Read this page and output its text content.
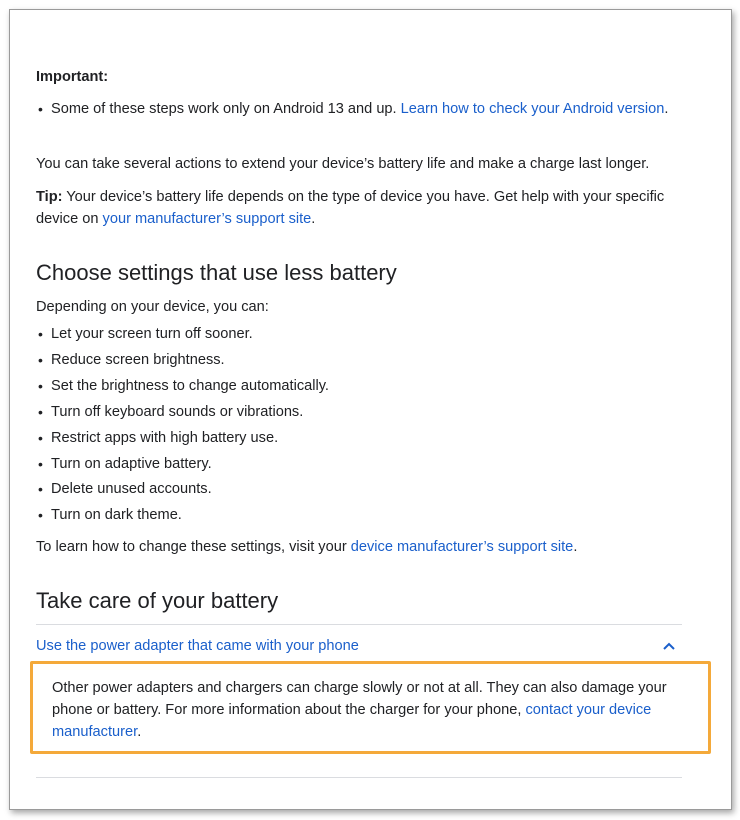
Important:
• Some of these steps work only on Android 13 and up. Learn how to check your Android version.

You can take several actions to extend your device’s battery life and make a charge last longer.

Tip: Your device’s battery life depends on the type of device you have. Get help with your specific device on your manufacturer’s support site.

Choose settings that use less battery

Depending on your device, you can:

• Let your screen turn off sooner.
• Reduce screen brightness.
• Set the brightness to change automatically.
• Turn off keyboard sounds or vibrations.
• Restrict apps with high battery use.
• Turn on adaptive battery.
• Delete unused accounts.
• Turn on dark theme.

To learn how to change these settings, visit your device manufacturer’s support site.

Take care of your battery
Use the power adapter that came with your phone

Other power adapters and chargers can charge slowly or not at all. They can also damage your phone or battery. For more information about the charger for your phone, contact your device manufacturer.
